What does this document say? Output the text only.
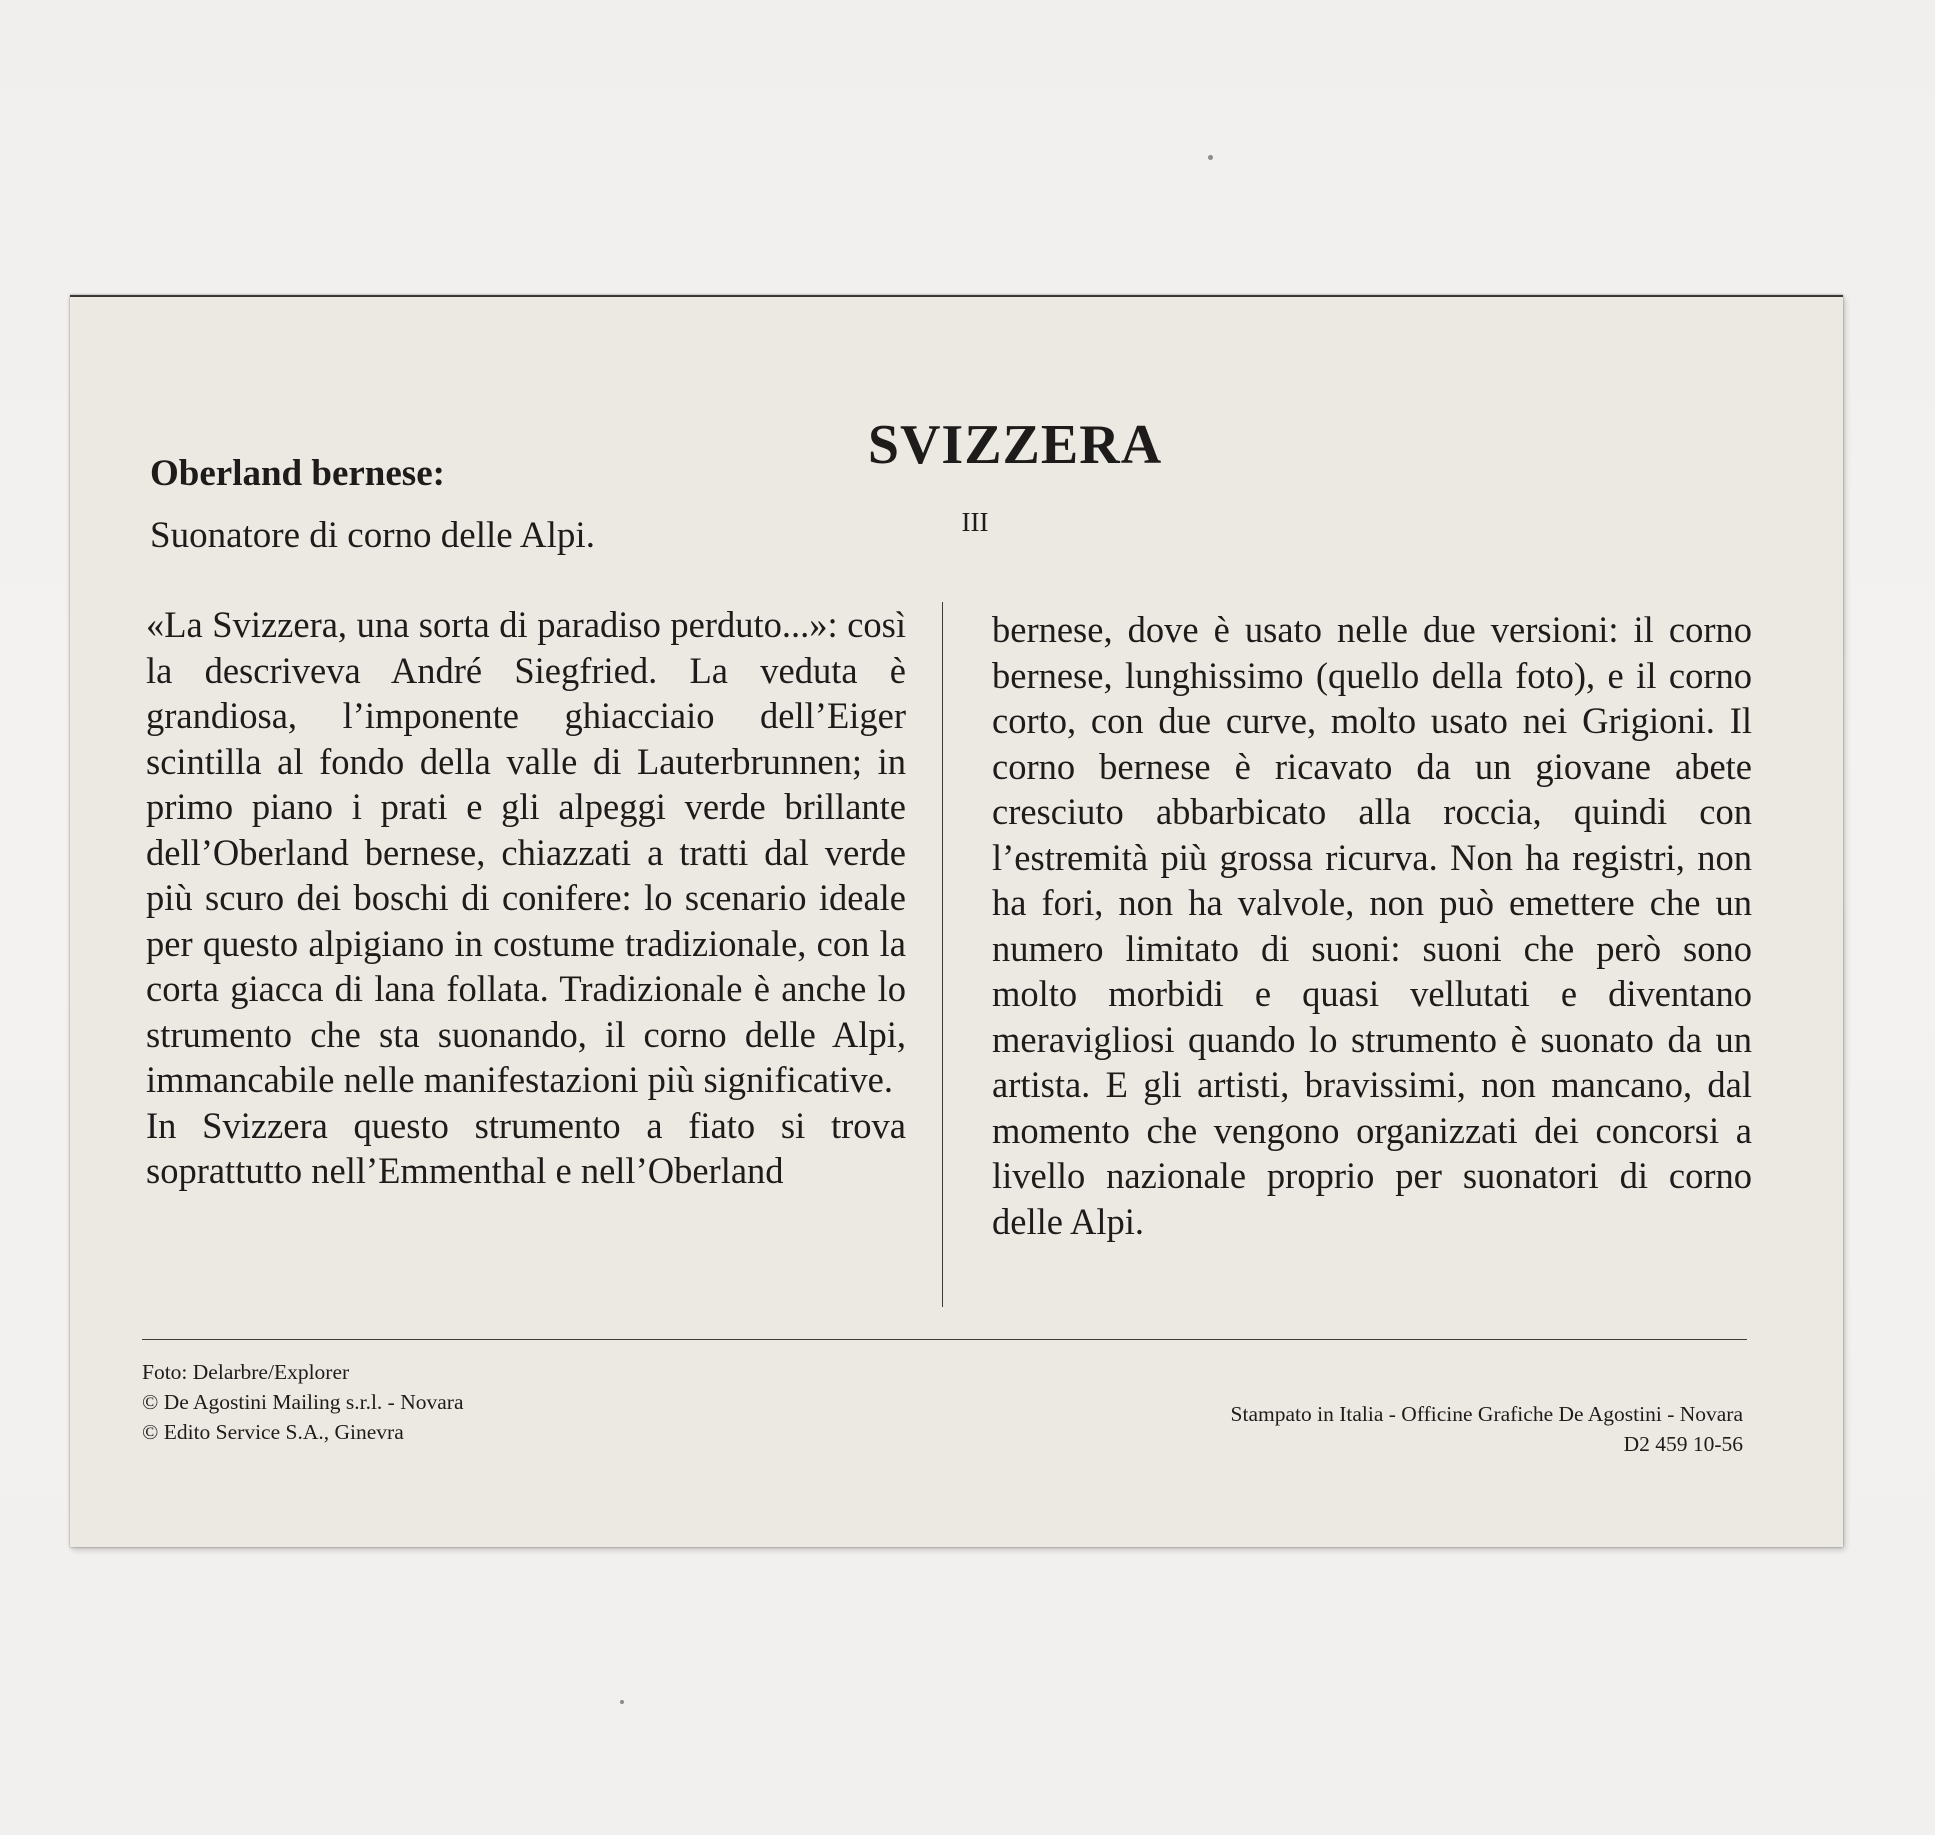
SVIZZERA
III
Oberland bernese:
Suonatore di corno delle Alpi.

«La Svizzera, una sorta di paradiso perduto...»: così la descriveva André Siegfried. La veduta è grandiosa, l’imponente ghiacciaio dell’Eiger scintilla al fondo della valle di Lauterbrunnen; in primo piano i prati e gli alpeggi verde brillante dell’Oberland bernese, chiazzati a tratti dal verde più scuro dei boschi di conifere: lo scenario ideale per questo alpigiano in costume tradizionale, con la corta giacca di lana follata. Tradizionale è anche lo strumento che sta suonando, il corno delle Alpi, immancabile nelle manifestazioni più significative.

In Svizzera questo strumento a fiato si trova soprattutto nell’Emmenthal e nell’Oberland

bernese, dove è usato nelle due versioni: il corno bernese, lunghissimo (quello della foto), e il corno corto, con due curve, molto usato nei Grigioni. Il corno bernese è ricavato da un giovane abete cresciuto abbarbicato alla roccia, quindi con l’estremità più grossa ricurva. Non ha registri, non ha fori, non ha valvole, non può emettere che un numero limitato di suoni: suoni che però sono molto morbidi e quasi vellutati e diventano meravigliosi quando lo strumento è suonato da un artista. E gli artisti, bravissimi, non mancano, dal momento che vengono organizzati dei concorsi a livello nazionale proprio per suonatori di corno delle Alpi.

Foto: Delarbre/Explorer
© De Agostini Mailing s.r.l. - Novara
© Edito Service S.A., Ginevra
Stampato in Italia - Officine Grafiche De Agostini - Novara
D2 459 10-56
